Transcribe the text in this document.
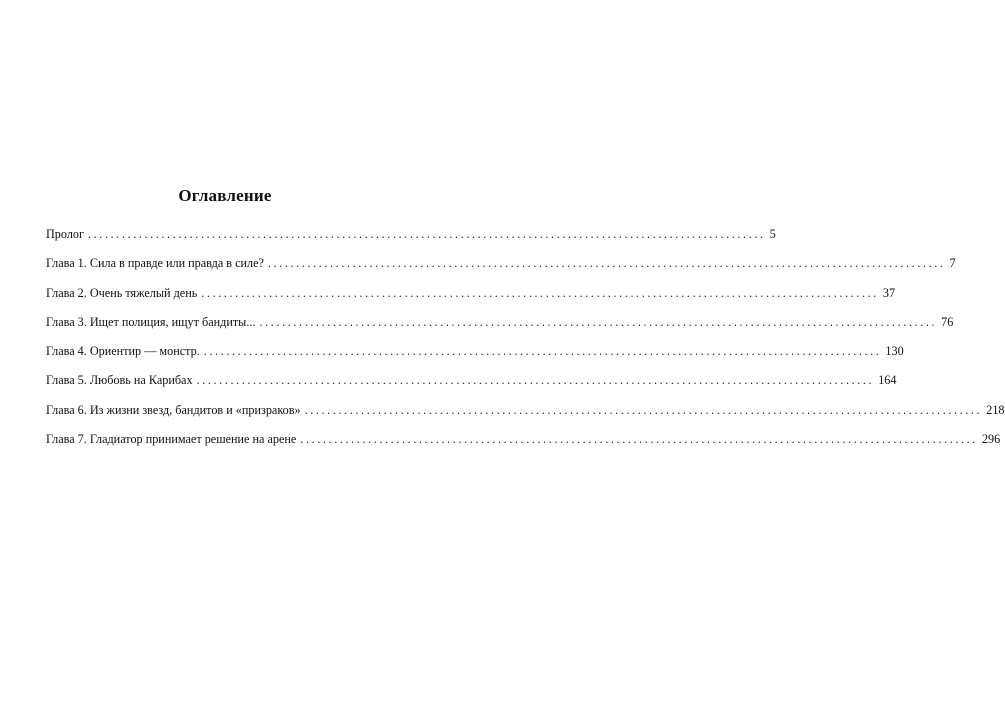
Оглавление
Пролог ........................................................................................................................ 5
Глава 1. Сила в правде или правда в силе? ........................................................................................................................ 7
Глава 2. Очень тяжелый день ........................................................................................................................ 37
Глава 3. Ищет полиция, ищут бандиты... ........................................................................................................................ 76
Глава 4. Ориентир — монстр. ........................................................................................................................ 130
Глава 5. Любовь на Карибах ........................................................................................................................ 164
Глава 6. Из жизни звезд, бандитов и «призраков» ........................................................................................................................ 218
Глава 7. Гладиатор принимает решение на арене ........................................................................................................................ 296
